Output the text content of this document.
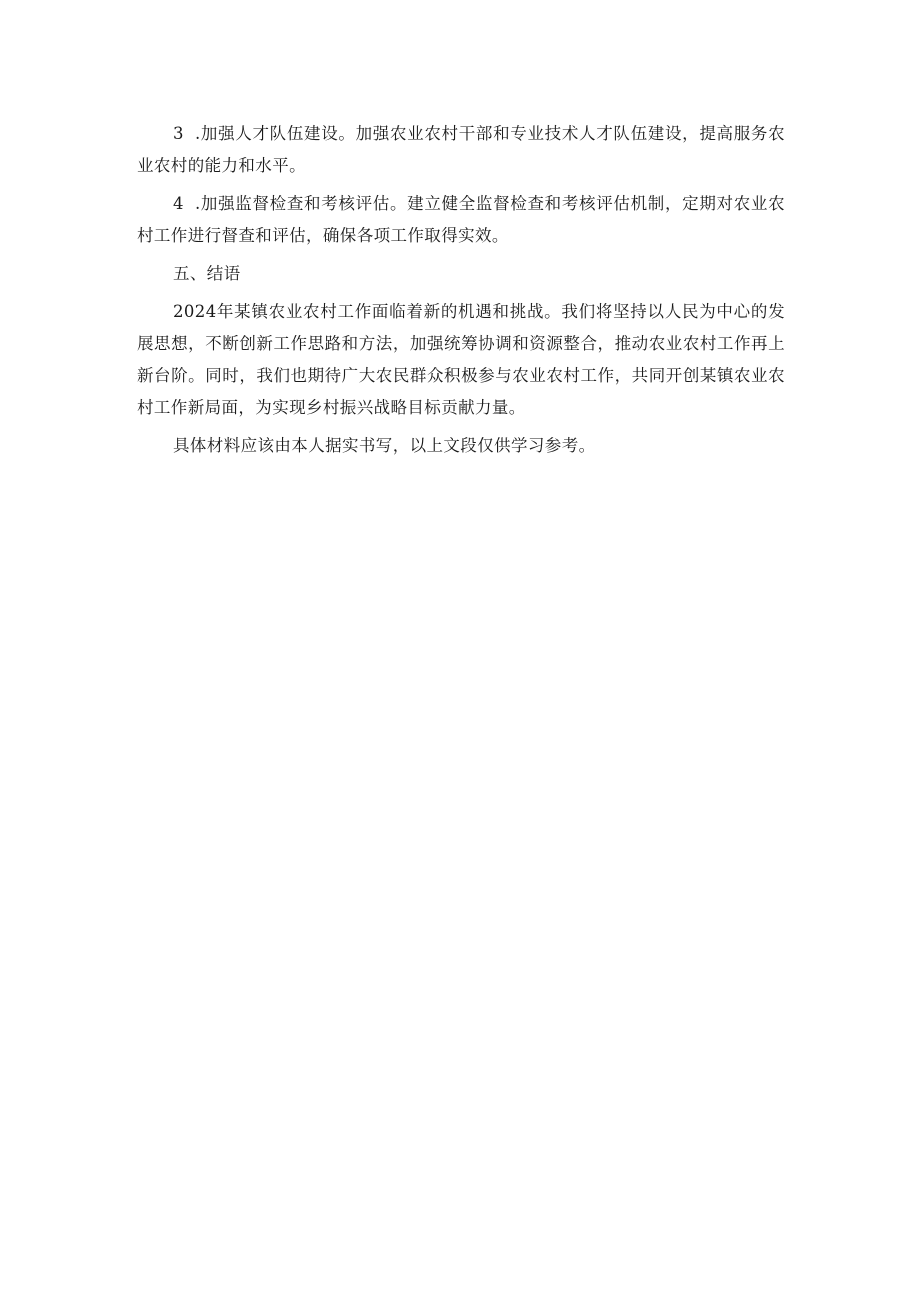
3 .加强人才队伍建设。加强农业农村干部和专业技术人才队伍建设，提高服务农业农村的能力和水平。

4 .加强监督检查和考核评估。建立健全监督检查和考核评估机制，定期对农业农村工作进行督查和评估，确保各项工作取得实效。

五、结语

2024年某镇农业农村工作面临着新的机遇和挑战。我们将坚持以人民为中心的发展思想，不断创新工作思路和方法，加强统筹协调和资源整合，推动农业农村工作再上新台阶。同时，我们也期待广大农民群众积极参与农业农村工作，共同开创某镇农业农村工作新局面，为实现乡村振兴战略目标贡献力量。

具体材料应该由本人据实书写，以上文段仅供学习参考。
